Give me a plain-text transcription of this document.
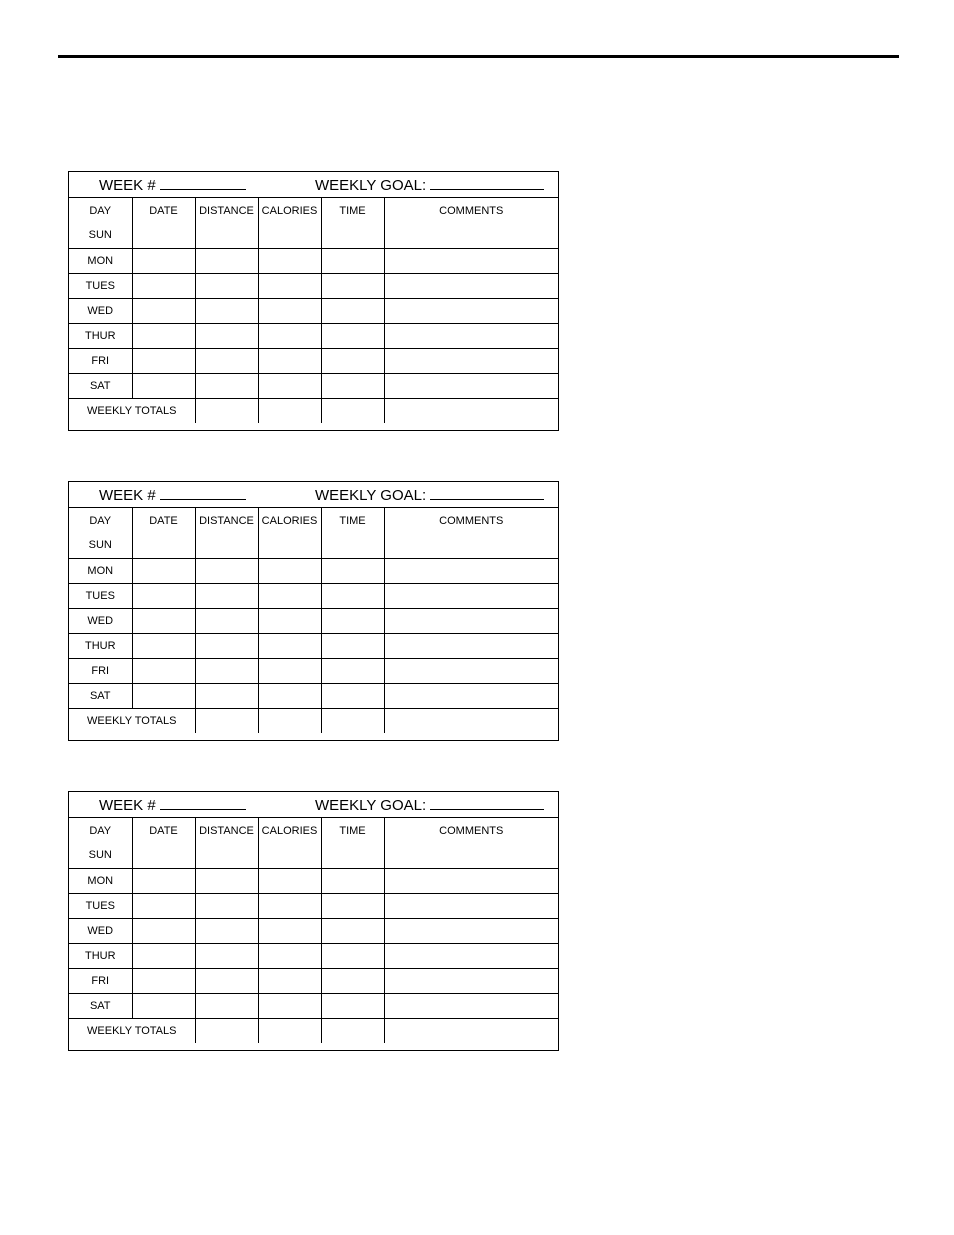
WEEK #	WEEKLY GOAL:
DAY	DATE	DISTANCE	CALORIES	TIME	COMMENTS
SUN					
MON					
TUES					
WED					
THUR					
FRI					
SAT					
WEEKLY TOTALS					
WEEK #	WEEKLY GOAL:
DAY	DATE	DISTANCE	CALORIES	TIME	COMMENTS
SUN					
MON					
TUES					
WED					
THUR					
FRI					
SAT					
WEEKLY TOTALS					
WEEK #	WEEKLY GOAL:
DAY	DATE	DISTANCE	CALORIES	TIME	COMMENTS
SUN					
MON					
TUES					
WED					
THUR					
FRI					
SAT					
WEEKLY TOTALS					
